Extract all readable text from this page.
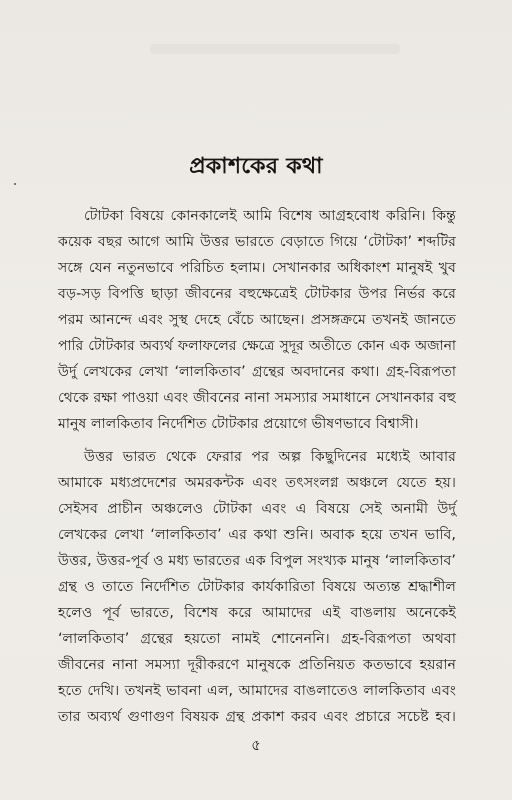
প্রকাশকের কথা
টোটকা বিষয়ে কোনকালেই আমি বিশেষ আগ্রহবোধ করিনি। কিন্তু
কয়েক বছর আগে আমি উত্তর ভারতে বেড়াতে গিয়ে ‘টোটকা’ শব্দটির
সঙ্গে যেন নতুনভাবে পরিচিত হলাম। সেখানকার অধিকাংশ মানুষই খুব
বড়-সড় বিপত্তি ছাড়া জীবনের বহুক্ষেত্রেই টোটকার উপর নির্ভর করে
পরম আনন্দে এবং সুস্থ দেহে বেঁচে আছেন। প্রসঙ্গক্রমে তখনই জানতে
পারি টোটকার অব্যর্থ ফলাফলের ক্ষেত্রে সুদূর অতীতে কোন এক অজানা
উর্দু লেখকের লেখা ‘লালকিতাব’ গ্রন্থের অবদানের কথা। গ্রহ-বিরূপতা
থেকে রক্ষা পাওয়া এবং জীবনের নানা সমস্যার সমাধানে সেখানকার বহু
মানুষ লালকিতাব নির্দেশিত টোটকার প্রয়োগে ভীষণভাবে বিশ্বাসী।
উত্তর ভারত থেকে ফেরার পর অল্প কিছুদিনের মধ্যেই আবার
আমাকে মধ্যপ্রদেশের অমরকন্টক এবং তৎসংলগ্ন অঞ্চলে যেতে হয়।
সেইসব প্রাচীন অঞ্চলেও টোটকা এবং এ বিষয়ে সেই অনামী উর্দু
লেখকের লেখা ‘লালকিতাব’ এর কথা শুনি। অবাক হয়ে তখন ভাবি,
উত্তর, উত্তর-পূর্ব ও মধ্য ভারতের এক বিপুল সংখ্যক মানুষ ‘লালকিতাব’
গ্রন্থ ও তাতে নির্দেশিত টোটকার কার্যকারিতা বিষয়ে অত্যন্ত শ্রদ্ধাশীল
হলেও পূর্ব ভারতে, বিশেষ করে আমাদের এই বাঙলায় অনেকেই
‘লালকিতাব’ গ্রন্থের হয়তো নামই শোনেননি। গ্রহ-বিরূপতা অথবা
জীবনের নানা সমস্যা দূরীকরণে মানুষকে প্রতিনিয়ত কতভাবে হয়রান
হতে দেখি। তখনই ভাবনা এল, আমাদের বাঙলাতেও লালকিতাব এবং
তার অব্যর্থ গুণাগুণ বিষয়ক গ্রন্থ প্রকাশ করব এবং প্রচারে সচেষ্ট হব।
৫
